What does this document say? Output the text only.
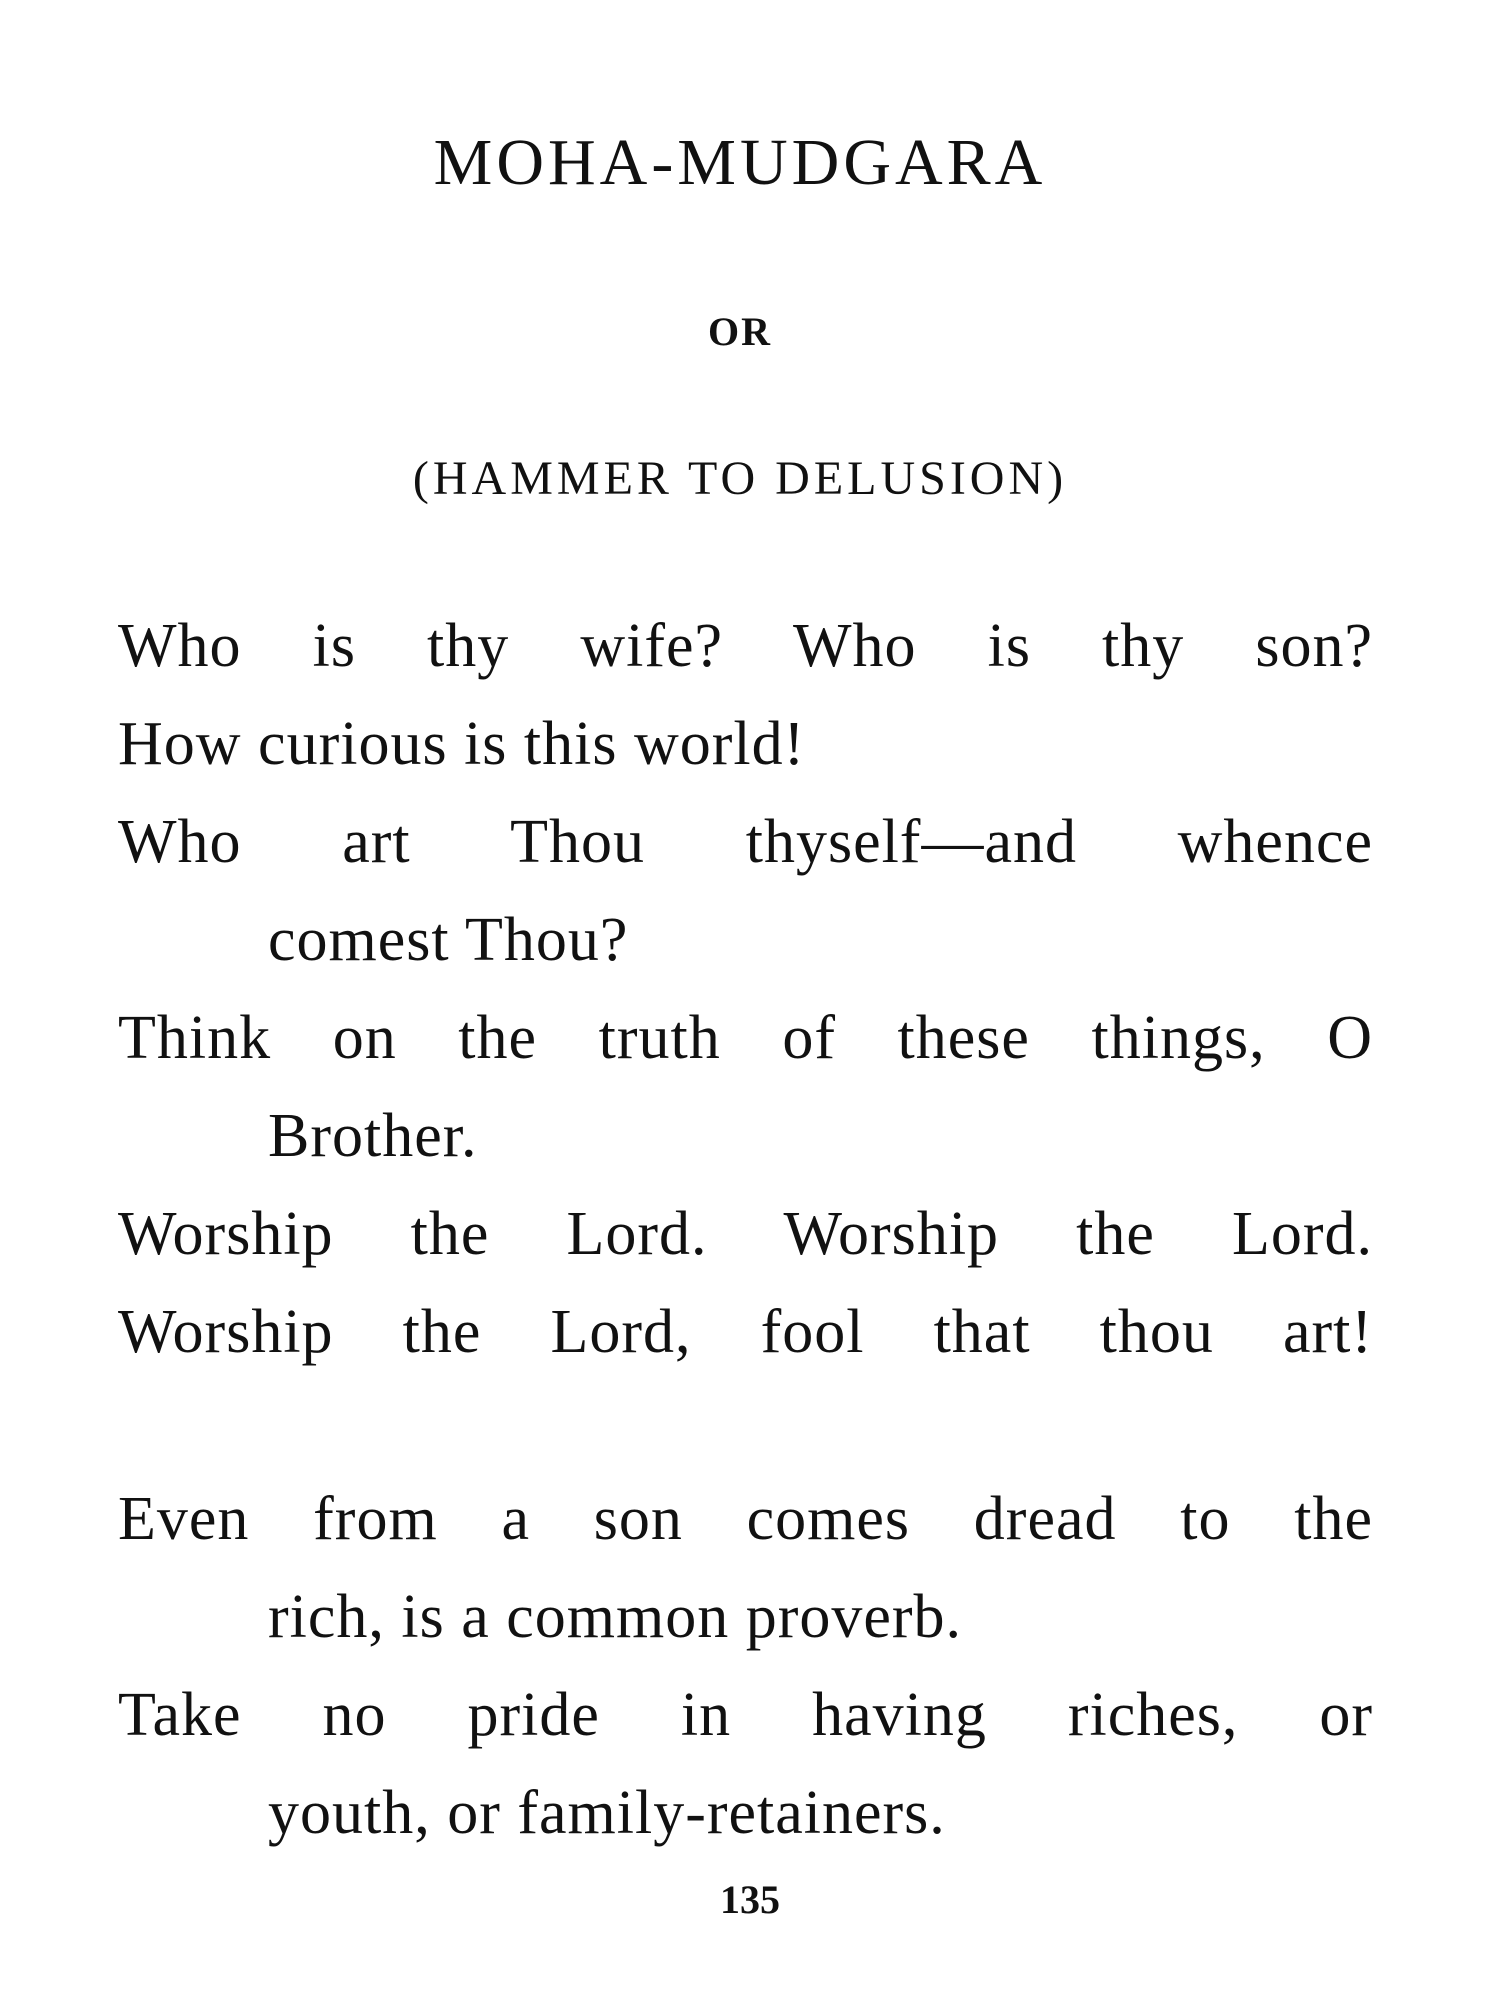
MOHA-MUDGARA
OR
(HAMMER TO DELUSION)
Who is thy wife? Who is thy son?
How curious is this world!
Who art Thou thyself—and whence
comest Thou?
Think on the truth of these things, O
Brother.
Worship the Lord. Worship the Lord.
Worship the Lord, fool that thou art!
Even from a son comes dread to the
rich, is a common proverb.
Take no pride in having riches, or
youth, or family-retainers.
135
